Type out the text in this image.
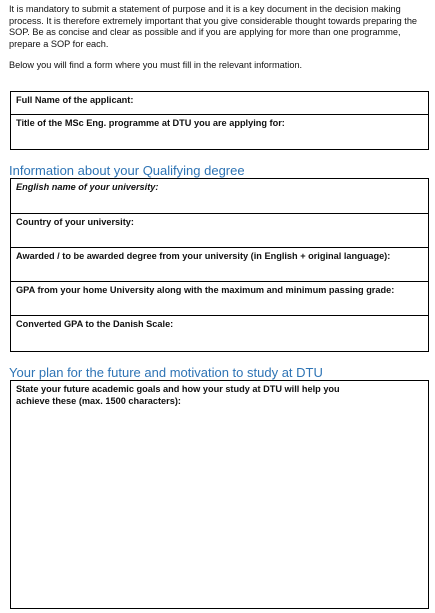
It is mandatory to submit a statement of purpose and it is a key document in the decision making process. It is therefore extremely important that you give considerable thought towards preparing the SOP. Be as concise and clear as possible and if you are applying for more than one programme, prepare a SOP for each.

Below you will find a form where you must fill in the relevant information.

Full Name of the applicant:
Title of the MSc Eng. programme at DTU you are applying for:
Information about your Qualifying degree
English name of your university:
Country of your university:
Awarded / to be awarded degree from your university (in English + original language):
GPA from your home University along with the maximum and minimum passing grade:
Converted GPA to the Danish Scale:
Your plan for the future and motivation to study at DTU
State your future academic goals and how your study at DTU will help you achieve these (max. 1500 characters):
